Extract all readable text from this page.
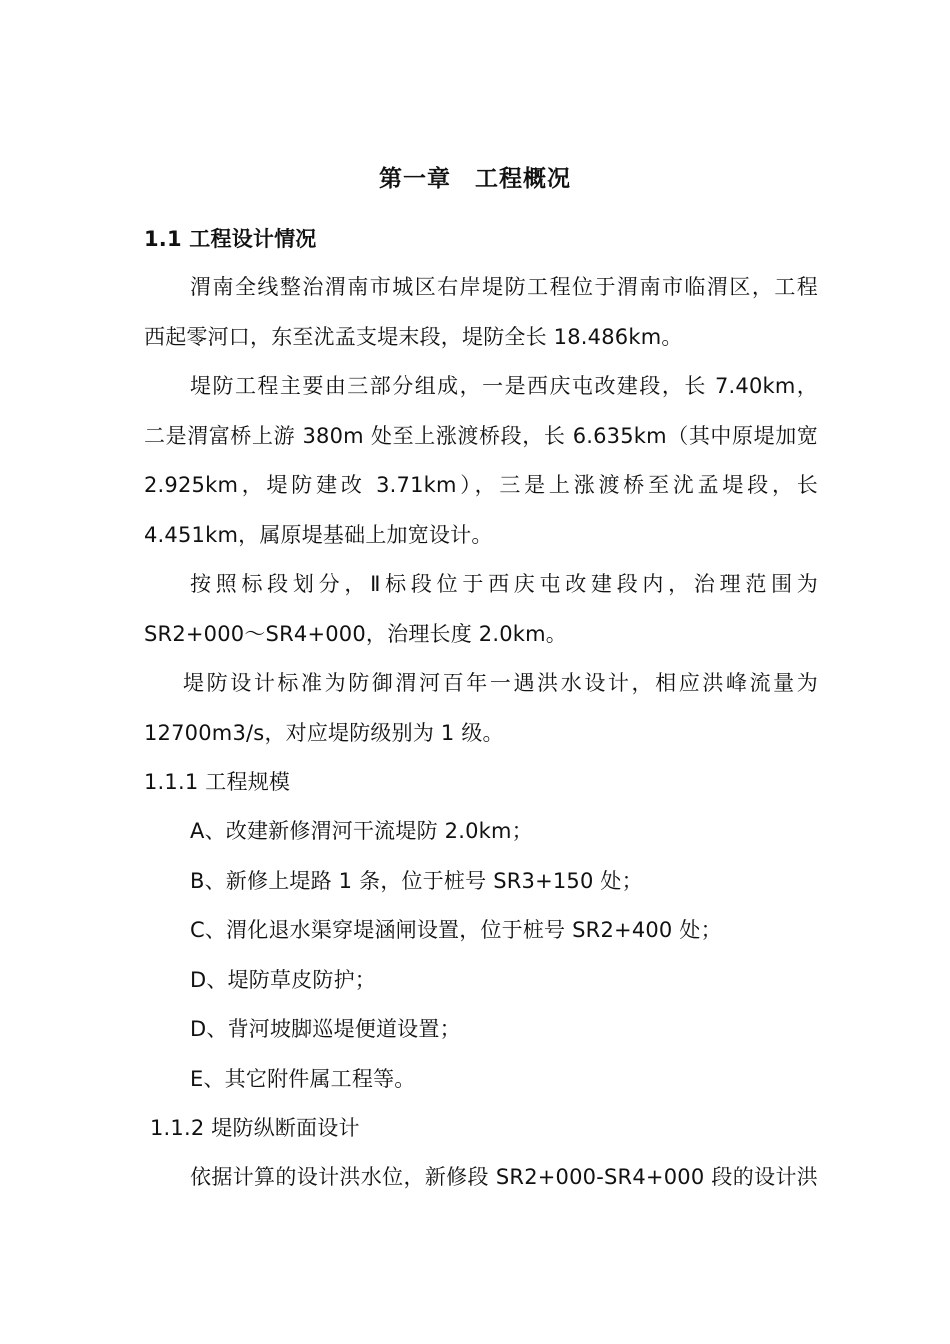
第一章　工程概况
1.1 工程设计情况
渭南全线整治渭南市城区右岸堤防工程位于渭南市临渭区，工程
西起零河口，东至沋孟支堤末段，堤防全长 18.486km。
堤防工程主要由三部分组成，一是西庆屯改建段，长 7.40km，
二是渭富桥上游 380m 处至上涨渡桥段，长 6.635km（其中原堤加宽
2.925km，堤防建改 3.71km），三是上涨渡桥至沋孟堤段，长
4.451km，属原堤基础上加宽设计。
按照标段划分，Ⅱ标段位于西庆屯改建段内，治理范围为
SR2+000～SR4+000，治理长度 2.0km。
堤防设计标准为防御渭河百年一遇洪水设计，相应洪峰流量为
12700m3/s，对应堤防级别为 1 级。
1.1.1 工程规模
A、改建新修渭河干流堤防 2.0km；
B、新修上堤路 1 条，位于桩号 SR3+150 处；
C、渭化退水渠穿堤涵闸设置，位于桩号 SR2+400 处；
D、堤防草皮防护；
D、背河坡脚巡堤便道设置；
E、其它附件属工程等。
1.1.2 堤防纵断面设计
依据计算的设计洪水位，新修段 SR2+000-SR4+000 段的设计洪
